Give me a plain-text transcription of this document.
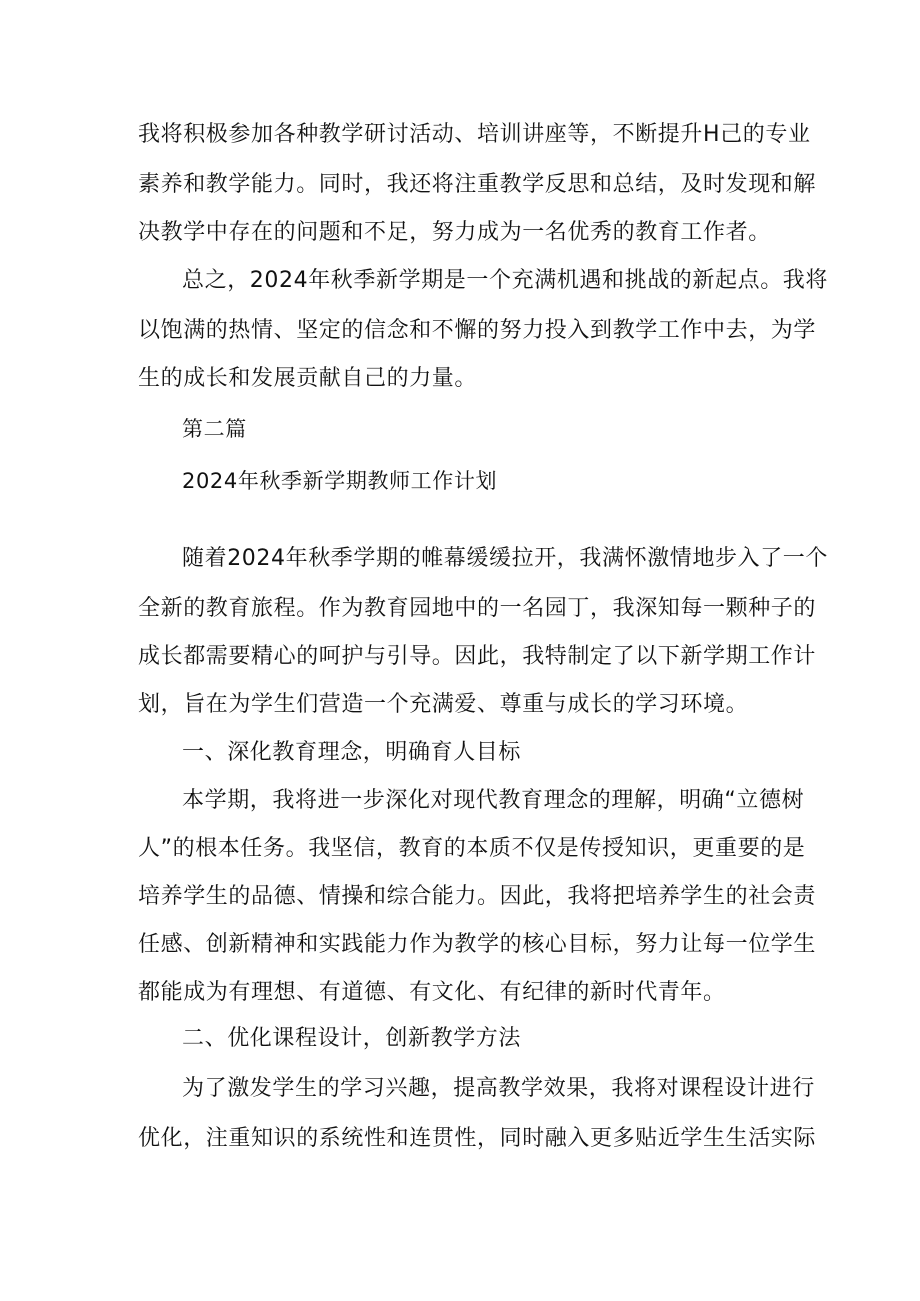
我将积极参加各种教学研讨活动、培训讲座等，不断提升H己的专业
素养和教学能力。同时，我还将注重教学反思和总结，及时发现和解
决教学中存在的问题和不足，努力成为一名优秀的教育工作者。
总之，2024年秋季新学期是一个充满机遇和挑战的新起点。我将
以饱满的热情、坚定的信念和不懈的努力投入到教学工作中去，为学
生的成长和发展贡献自己的力量。
第二篇
2024年秋季新学期教师工作计划
随着2024年秋季学期的帷幕缓缓拉开，我满怀激情地步入了一个
全新的教育旅程。作为教育园地中的一名园丁，我深知每一颗种子的
成长都需要精心的呵护与引导。因此，我特制定了以下新学期工作计
划，旨在为学生们营造一个充满爱、尊重与成长的学习环境。
一、深化教育理念，明确育人目标
本学期，我将进一步深化对现代教育理念的理解，明确“立德树
人”的根本任务。我坚信，教育的本质不仅是传授知识，更重要的是
培养学生的品德、情操和综合能力。因此，我将把培养学生的社会责
任感、创新精神和实践能力作为教学的核心目标，努力让每一位学生
都能成为有理想、有道德、有文化、有纪律的新时代青年。
二、优化课程设计，创新教学方法
为了激发学生的学习兴趣，提高教学效果，我将对课程设计进行
优化，注重知识的系统性和连贯性，同时融入更多贴近学生生活实际
